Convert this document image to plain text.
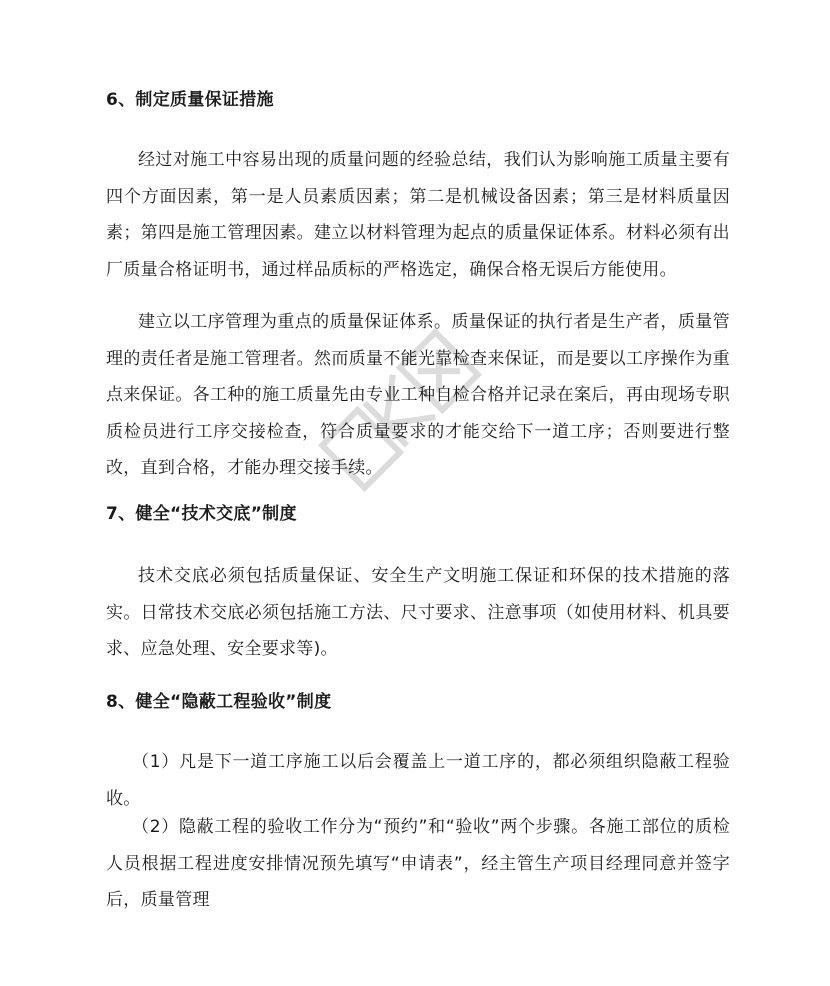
6、制定质量保证措施

经过对施工中容易出现的质量问题的经验总结，我们认为影响施工质量主要有四个方面因素，第一是人员素质因素；第二是机械设备因素；第三是材料质量因素；第四是施工管理因素。建立以材料管理为起点的质量保证体系。材料必须有出厂质量合格证明书，通过样品质标的严格选定，确保合格无误后方能使用。

建立以工序管理为重点的质量保证体系。质量保证的执行者是生产者，质量管理的责任者是施工管理者。然而质量不能光靠检查来保证，而是要以工序操作为重点来保证。各工种的施工质量先由专业工种自检合格并记录在案后，再由现场专职质检员进行工序交接检查，符合质量要求的才能交给下一道工序；否则要进行整改，直到合格，才能办理交接手续。

7、健全“技术交底”制度

技术交底必须包括质量保证、安全生产文明施工保证和环保的技术措施的落实。日常技术交底必须包括施工方法、尺寸要求、注意事项（如使用材料、机具要求、应急处理、安全要求等)。

8、健全“隐蔽工程验收”制度

（1）凡是下一道工序施工以后会覆盖上一道工序的，都必须组织隐蔽工程验收。

（2）隐蔽工程的验收工作分为“预约”和“验收”两个步骤。各施工部位的质检人员根据工程进度安排情况预先填写“申请表”，经主管生产项目经理同意并签字后，质量管理
